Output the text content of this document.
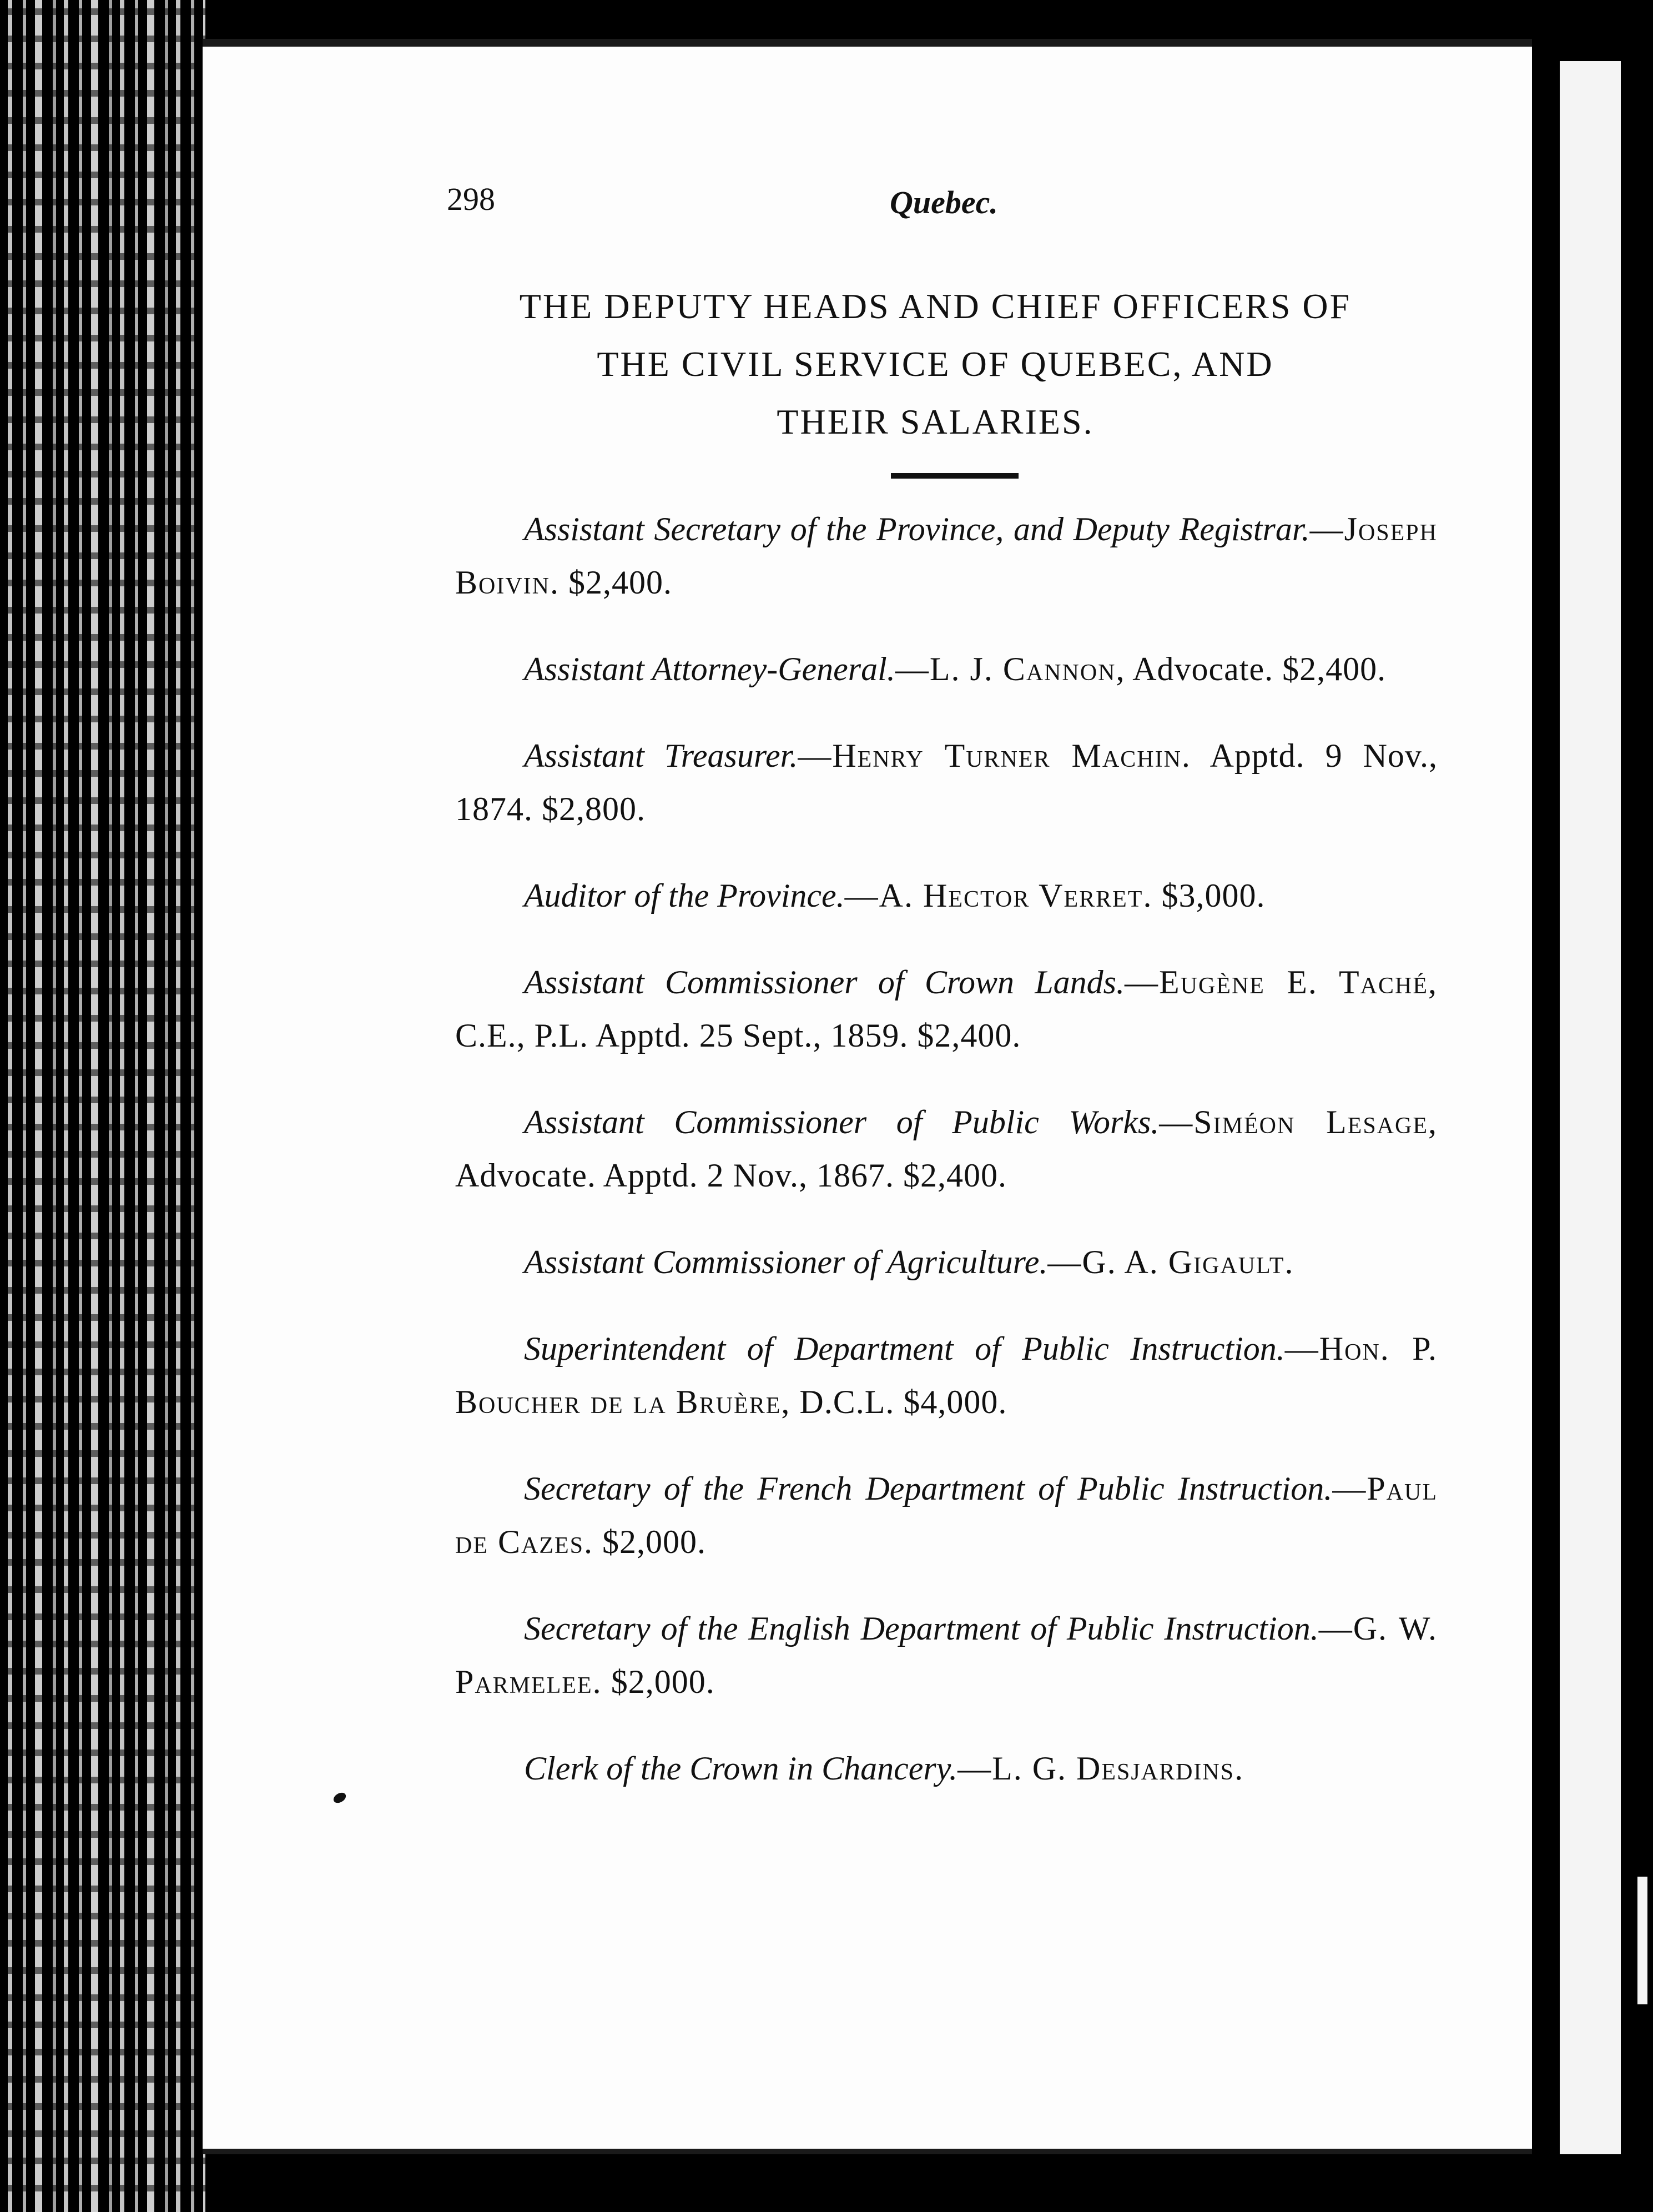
298	Quebec.
THE DEPUTY HEADS AND CHIEF OFFICERS OF
THE CIVIL SERVICE OF QUEBEC, AND
THEIR SALARIES.

Assistant Secretary of the Province, and Deputy Registrar.—Joseph Boivin. $2,400.

Assistant Attorney-General.—L. J. Cannon, Advocate. $2,400.

Assistant Treasurer.—Henry Turner Machin. Apptd. 9 Nov., 1874. $2,800.

Auditor of the Province.—A. Hector Verret. $3,000.

Assistant Commissioner of Crown Lands.—Eugène E. Taché, C.E., P.L. Apptd. 25 Sept., 1859. $2,400.

Assistant Commissioner of Public Works.—Siméon Lesage, Advocate. Apptd. 2 Nov., 1867. $2,400.

Assistant Commissioner of Agriculture.—G. A. Gigault.

Superintendent of Department of Public Instruction.—Hon. P. Boucher de la Bruère, D.C.L. $4,000.

Secretary of the French Department of Public Instruction.—Paul de Cazes. $2,000.

Secretary of the English Department of Public Instruction.—G. W. Parmelee. $2,000.

Clerk of the Crown in Chancery.—L. G. Desjardins.
